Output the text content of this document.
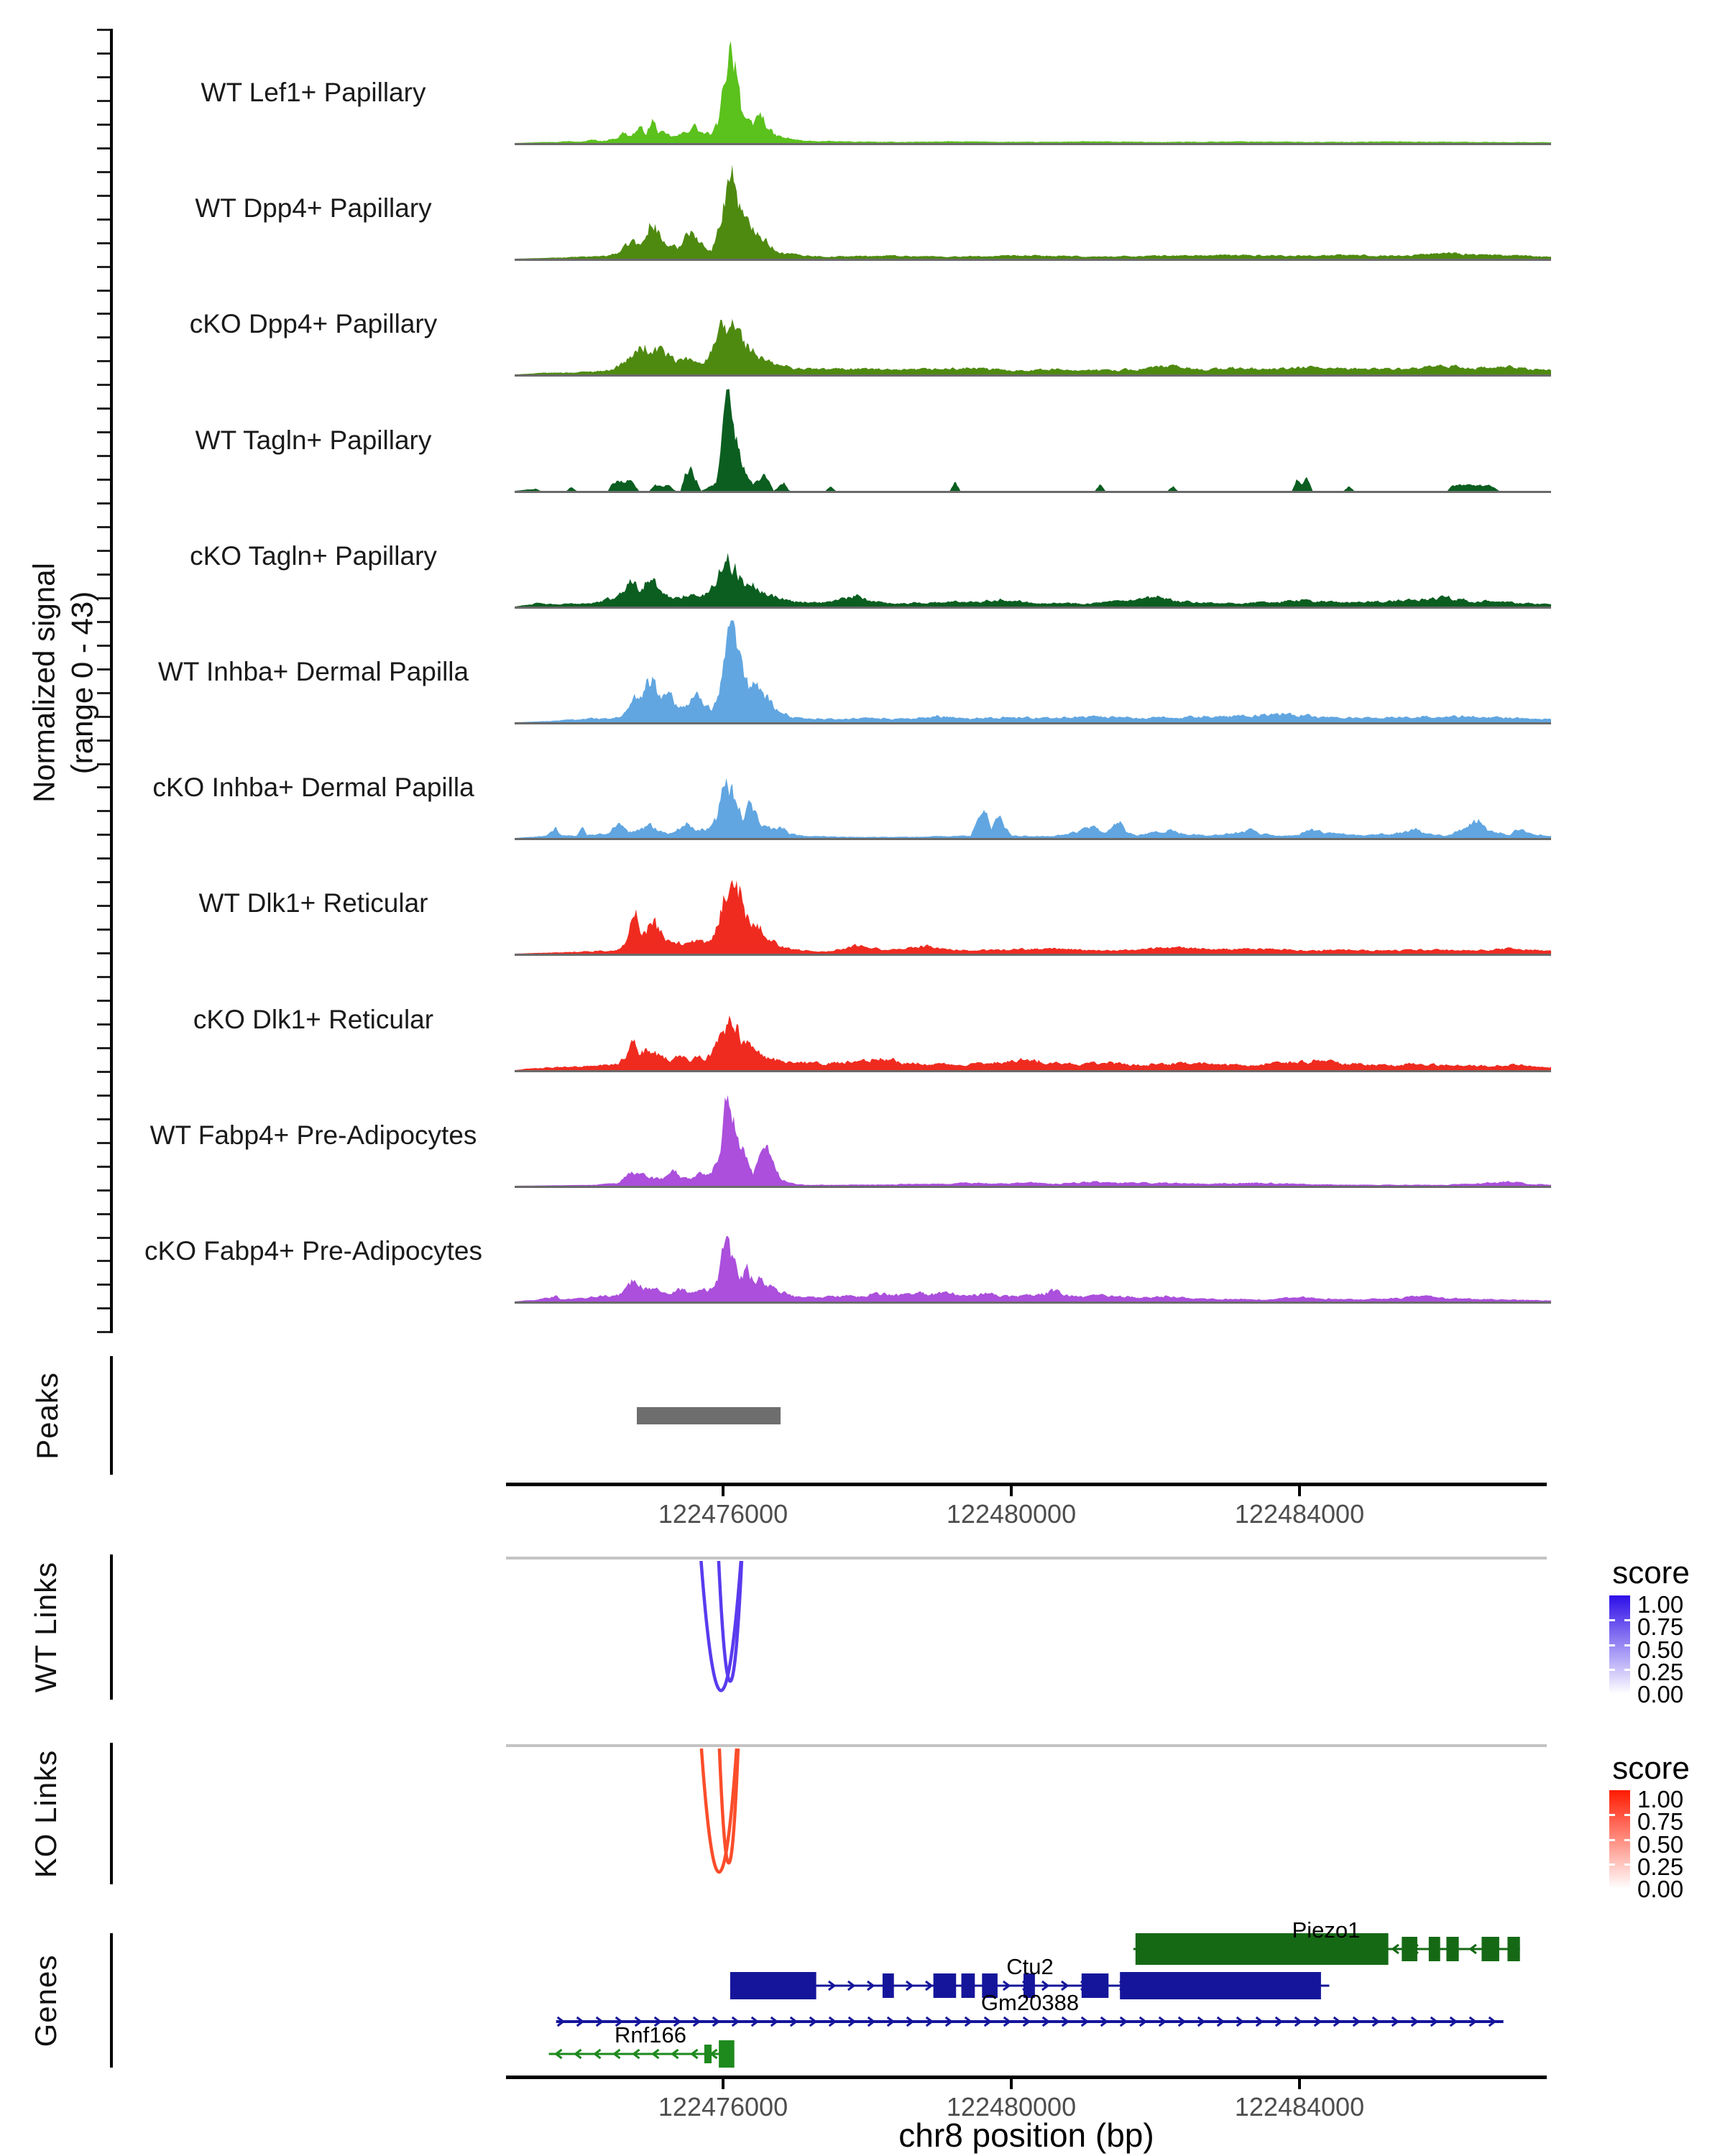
Normalized signal (range 0 - 43)
WT Lef1+ Papillary
WT Dpp4+ Papillary
cKO Dpp4+ Papillary
WT Tagln+ Papillary
cKO Tagln+ Papillary
WT Inhba+ Dermal Papilla
cKO Inhba+ Dermal Papilla
WT Dlk1+ Reticular
cKO Dlk1+ Reticular
WT Fabp4+ Pre-Adipocytes
cKO Fabp4+ Pre-Adipocytes
Peaks
122476000	122480000	122484000
WT Links	score
1.00
0.75
0.50
0.25
0.00
KO Links	score
1.00
0.75
0.50
0.25
0.00
Genes
Piezo1
Ctu2
Gm20388
Rnf166
122476000	122480000	122484000
chr8 position (bp)
